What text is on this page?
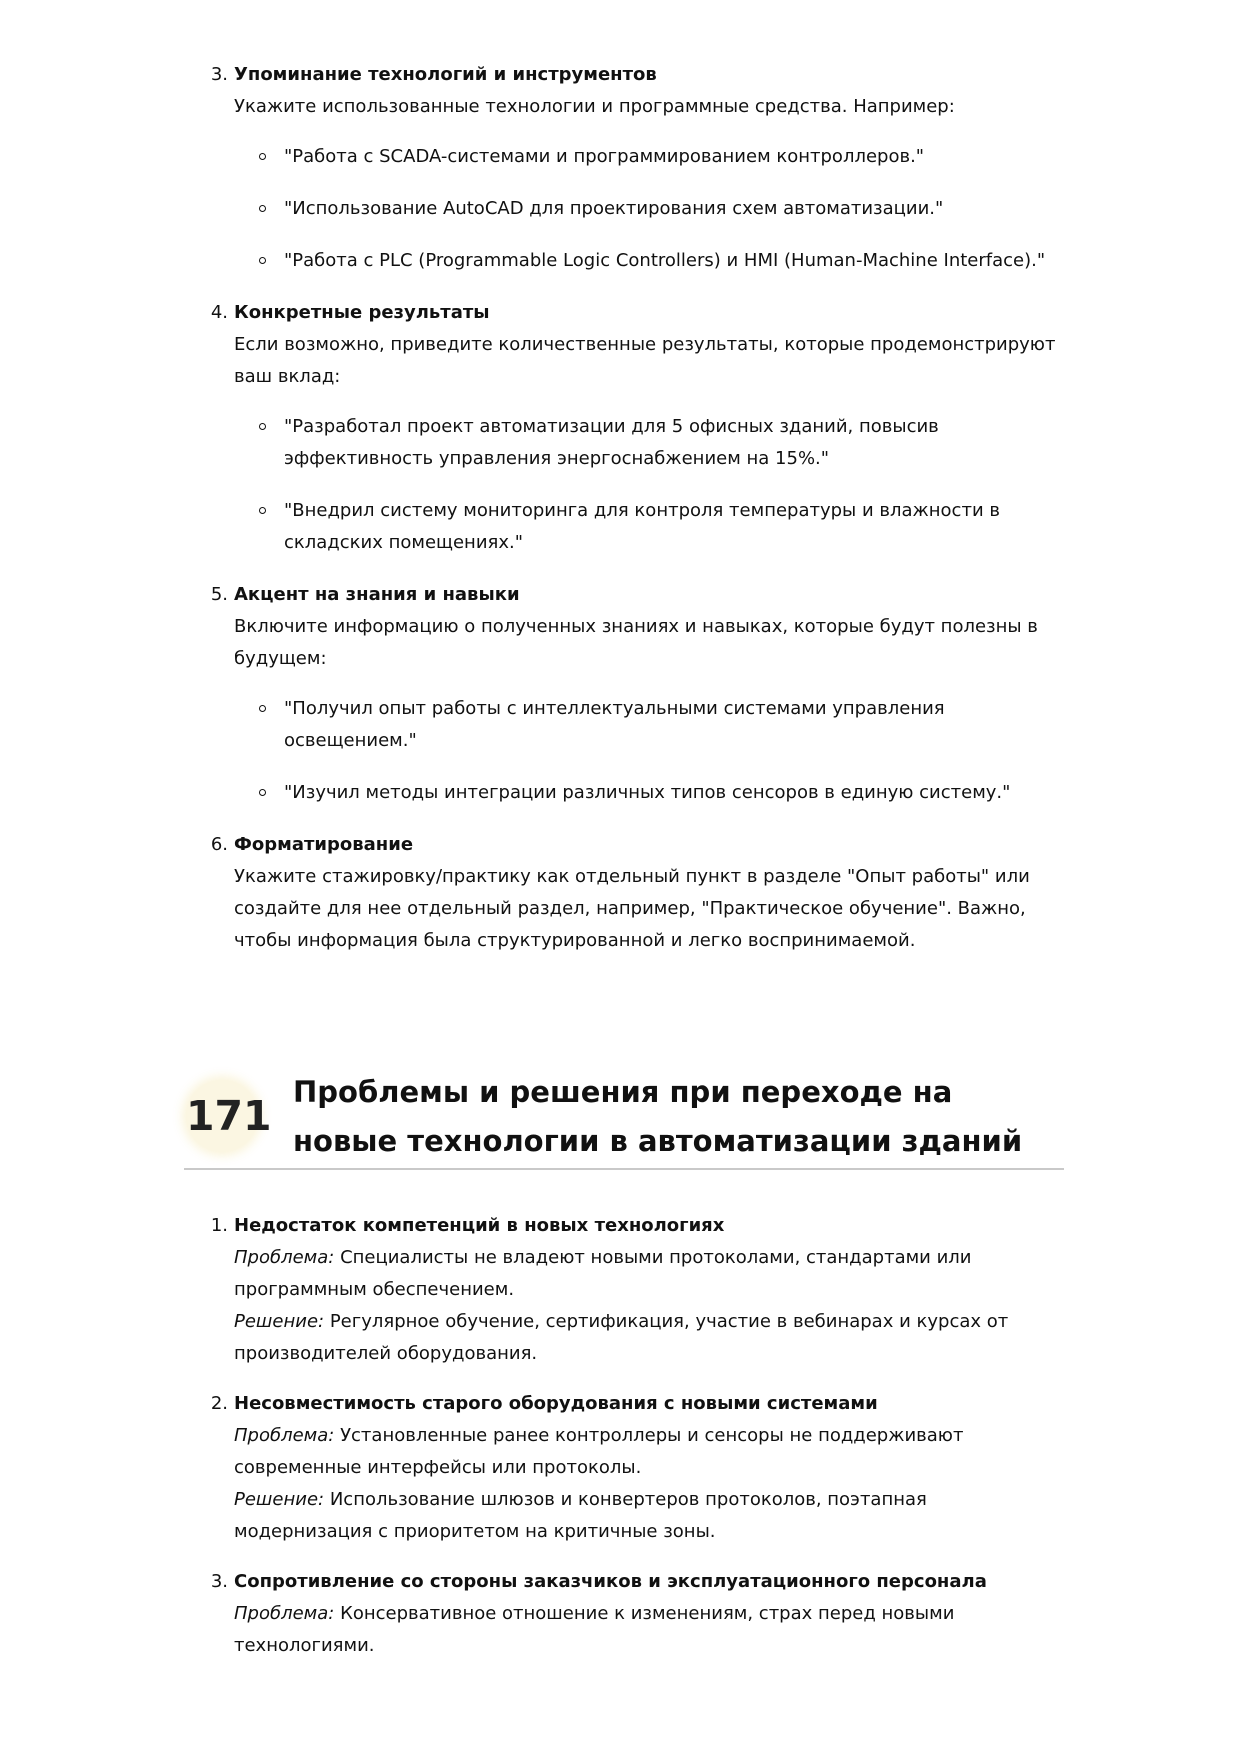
3. Упоминание технологий и инструментов
Укажите использованные технологии и программные средства. Например:
"Работа с SCADA-системами и программированием контроллеров."
"Использование AutoCAD для проектирования схем автоматизации."
"Работа с PLC (Programmable Logic Controllers) и HMI (Human-Machine Interface)."
4. Конкретные результаты
Если возможно, приведите количественные результаты, которые продемонстрируют ваш вклад:
"Разработал проект автоматизации для 5 офисных зданий, повысив эффективность управления энергоснабжением на 15%."
"Внедрил систему мониторинга для контроля температуры и влажности в складских помещениях."
5. Акцент на знания и навыки
Включите информацию о полученных знаниях и навыках, которые будут полезны в будущем:
"Получил опыт работы с интеллектуальными системами управления освещением."
"Изучил методы интеграции различных типов сенсоров в единую систему."
6. Форматирование
Укажите стажировку/практику как отдельный пункт в разделе "Опыт работы" или создайте для нее отдельный раздел, например, "Практическое обучение". Важно, чтобы информация была структурированной и легко воспринимаемой.
171 Проблемы и решения при переходе на новые технологии в автоматизации зданий
1. Недостаток компетенций в новых технологиях
Проблема: Специалисты не владеют новыми протоколами, стандартами или программным обеспечением.
Решение: Регулярное обучение, сертификация, участие в вебинарах и курсах от производителей оборудования.
2. Несовместимость старого оборудования с новыми системами
Проблема: Установленные ранее контроллеры и сенсоры не поддерживают современные интерфейсы или протоколы.
Решение: Использование шлюзов и конвертеров протоколов, поэтапная модернизация с приоритетом на критичные зоны.
3. Сопротивление со стороны заказчиков и эксплуатационного персонала
Проблема: Консервативное отношение к изменениям, страх перед новыми технологиями.
